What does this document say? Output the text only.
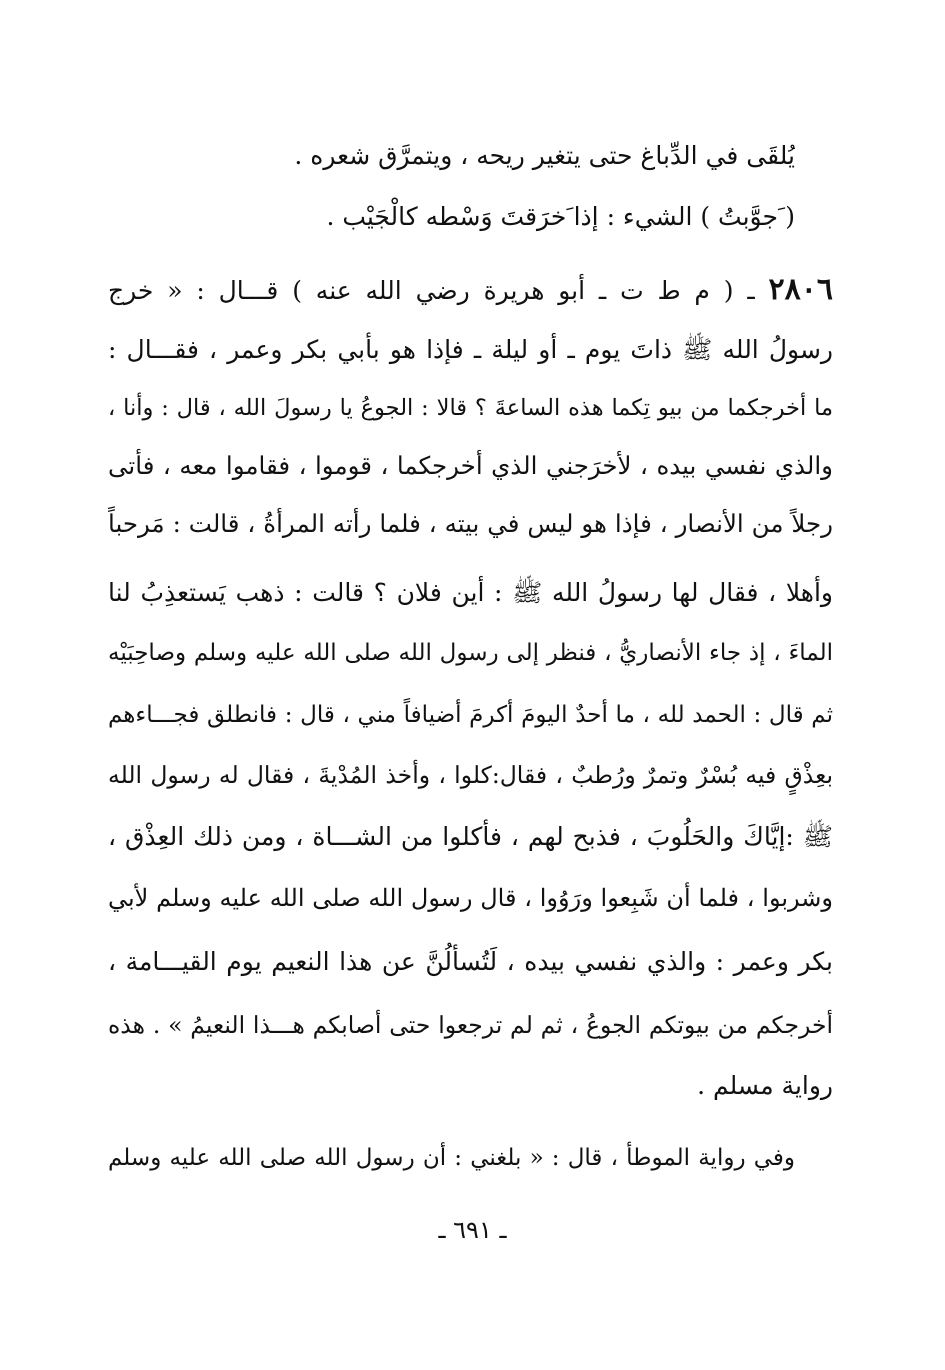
يُلقَى في الدِّباغ حتى يتغير ريحه ، ويتمرَّق شعره .
( َجوَّبتُ ) الشيء : إذا َخرَقتَ وَسْطه كالْجَيْب .
٢٨٠٦ ـ ( م ط ت ـ أبو هريرة رضي الله عنه ) قـــال : « خرج
رسولُ الله ﷺ ذاتَ يوم ـ أو ليلة ـ فإذا هو بأبي بكر وعمر ، فقـــال :
ما أخرجكما من بيو تِكما هذه الساعةَ ؟ قالا : الجوعُ يا رسولَ الله ، قال : وأنا ،
والذي نفسي بيده ، لأخرَجني الذي أخرجكما ، قوموا ، فقاموا معه ، فأتى
رجلاً من الأنصار ، فإذا هو ليس في بيته ، فلما رأته المرأةُ ، قالت : مَرحباً
وأهلا ، فقال لها رسولُ الله ﷺ : أين فلان ؟ قالت : ذهب يَستعذِبُ لنا
الماءَ ، إذ جاء الأنصاريُّ ، فنظر إلى رسول الله صلى الله عليه وسلم وصاحِبَيْه
ثم قال : الحمد لله ، ما أحدٌ اليومَ أكرمَ أضيافاً مني ، قال : فانطلق فجـــاءهم
بعِذْقٍ فيه بُسْرٌ وتمرٌ ورُطبٌ ، فقال:كلوا ، وأخذ المُدْيةَ ، فقال له رسول الله
ﷺ :إيَّاكَ والحَلُوبَ ، فذبح لهم ، فأكلوا من الشـــاة ، ومن ذلك العِذْق ،
وشربوا ، فلما أن شَبِعوا ورَوُوا ، قال رسول الله صلى الله عليه وسلم لأبي
بكر وعمر : والذي نفسي بيده ، لَتُسألُنَّ عن هذا النعيم يوم القيـــامة ،
أخرجكم من بيوتكم الجوعُ ، ثم لم ترجعوا حتى أصابكم هـــذا النعيمُ » . هذه
رواية مسلم .
وفي رواية الموطأ ، قال : « بلغني : أن رسول الله صلى الله عليه وسلم
ـ ٦٩١ ـ
